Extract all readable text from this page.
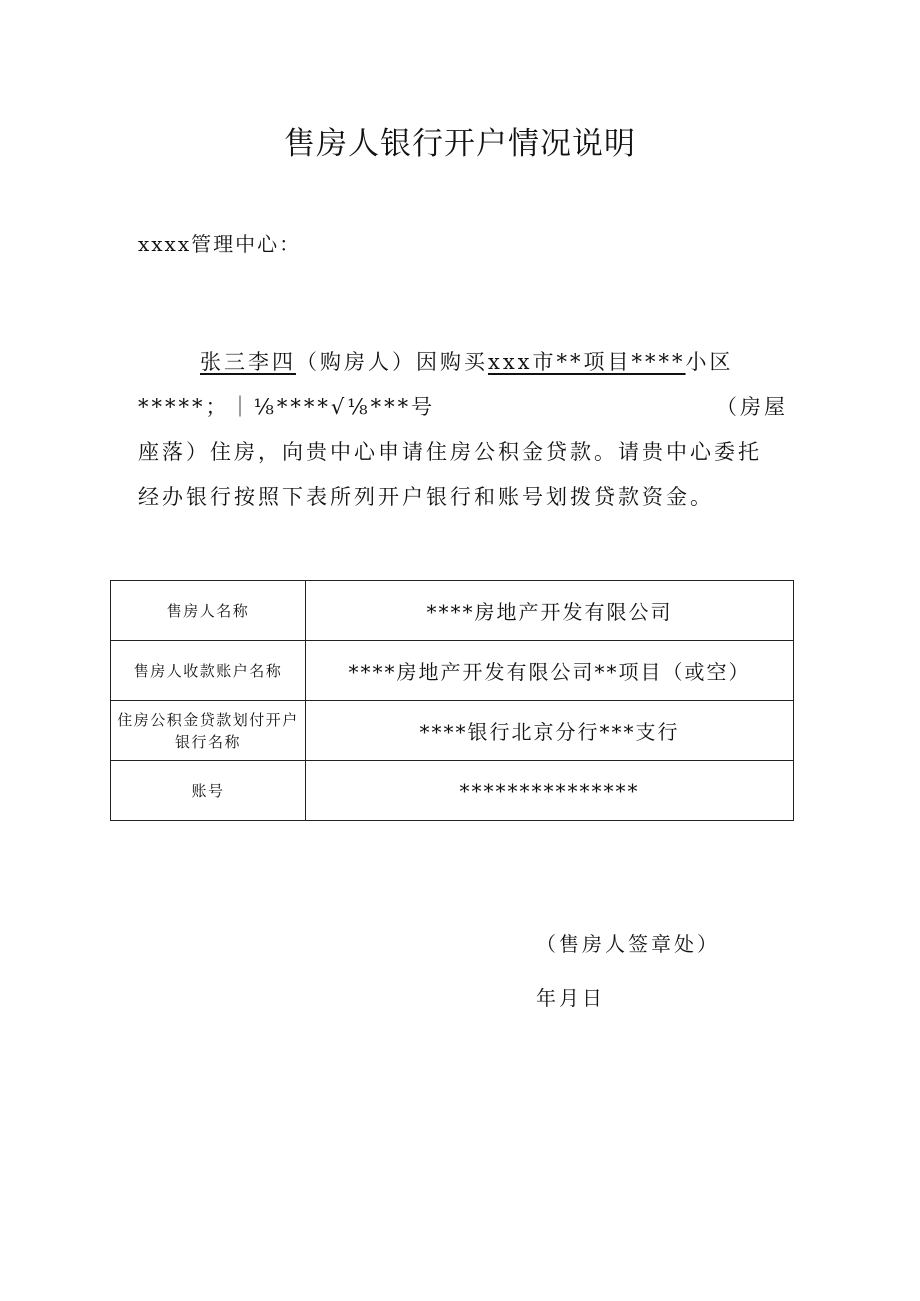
售房人银行开户情况说明
xxxx管理中心：
张三李四（购房人）因购买xxx市**项目****小区
*****；｜⅛****√⅛***号	（房屋
座落）住房，向贵中心申请住房公积金贷款。请贵中心委托
经办银行按照下表所列开户银行和账号划拨贷款资金。
售房人名称	****房地产开发有限公司
售房人收款账户名称	****房地产开发有限公司**项目（或空）
住房公积金贷款划付开户银行名称	****银行北京分行***支行
账号	***************
（售房人签章处）
年月日
